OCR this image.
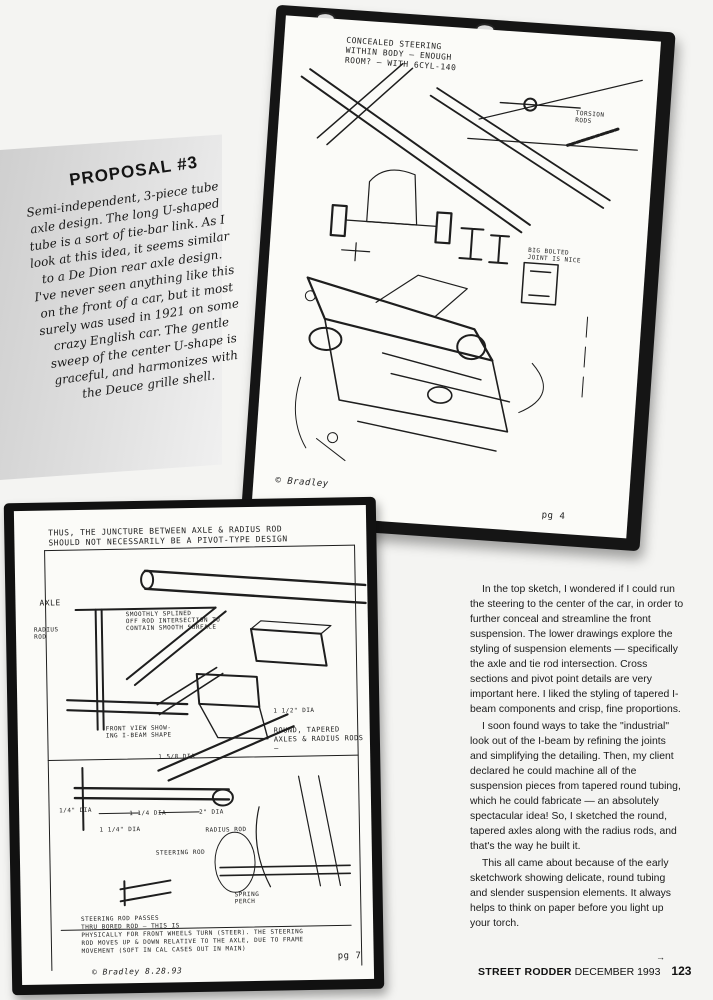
CONCEALED STEERING
WITHIN BODY — ENOUGH
ROOM? — WITH 6CYL-140
TORSION
RODS
BIG BOLTED
JOINT IS NICE
© Bradley
pg 4
PROPOSAL #3
Semi-independent, 3-piece tube axle design. The long U-shaped tube is a sort of tie-bar link. As I look at this idea, it seems similar to a De Dion rear axle design. I've never seen anything like this on the front of a car, but it most surely was used in 1921 on some crazy English car. The gentle sweep of the center U-shape is graceful, and harmonizes with the Deuce grille shell.
THUS, THE JUNCTURE BETWEEN AXLE & RADIUS ROD
SHOULD NOT NECESSARILY BE A PIVOT-TYPE DESIGN
AXLE
RADIUS
ROD
SMOOTHLY SPLINED
OFF ROD INTERSECTION TO
CONTAIN SMOOTH SURFACE
FRONT VIEW SHOW-
ING I-BEAM SHAPE
ROUND, TAPERED
AXLES & RADIUS RODS —
1 5/8 DIA
1/4" DIA	1 1/4 DIA
1 1/4" DIA
1 1/2" DIA
2" DIA
RADIUS ROD
STEERING ROD
SPRING
PERCH
STEERING ROD PASSES
THRU BORED ROD — THIS IS
PHYSICALLY FOR FRONT WHEELS TURN (STEER). THE STEERING
ROD MOVES UP & DOWN RELATIVE TO THE AXLE, DUE TO FRAME
MOVEMENT (SOFT IN CAL CASES OUT IN MAIN)
© Bradley 8.28.93
pg 7

In the top sketch, I wondered if I could run the steering to the center of the car, in order to further conceal and streamline the front suspension. The lower drawings explore the styling of suspension elements — specifically the axle and tie rod intersection. Cross sections and pivot point details are very important here. I liked the styling of tapered I-beam components and crisp, fine proportions.

I soon found ways to take the "industrial" look out of the I-beam by refining the joints and simplifying the detailing. Then, my client declared he could machine all of the suspension pieces from tapered round tubing, which he could fabricate — an absolutely spectacular idea! So, I sketched the round, tapered axles along with the radius rods, and that's the way he built it.

This all came about because of the early sketchwork showing delicate, round tubing and slender suspension elements. It always helps to think on paper before you light up your torch.

→
STREET RODDER DECEMBER 1993 123
